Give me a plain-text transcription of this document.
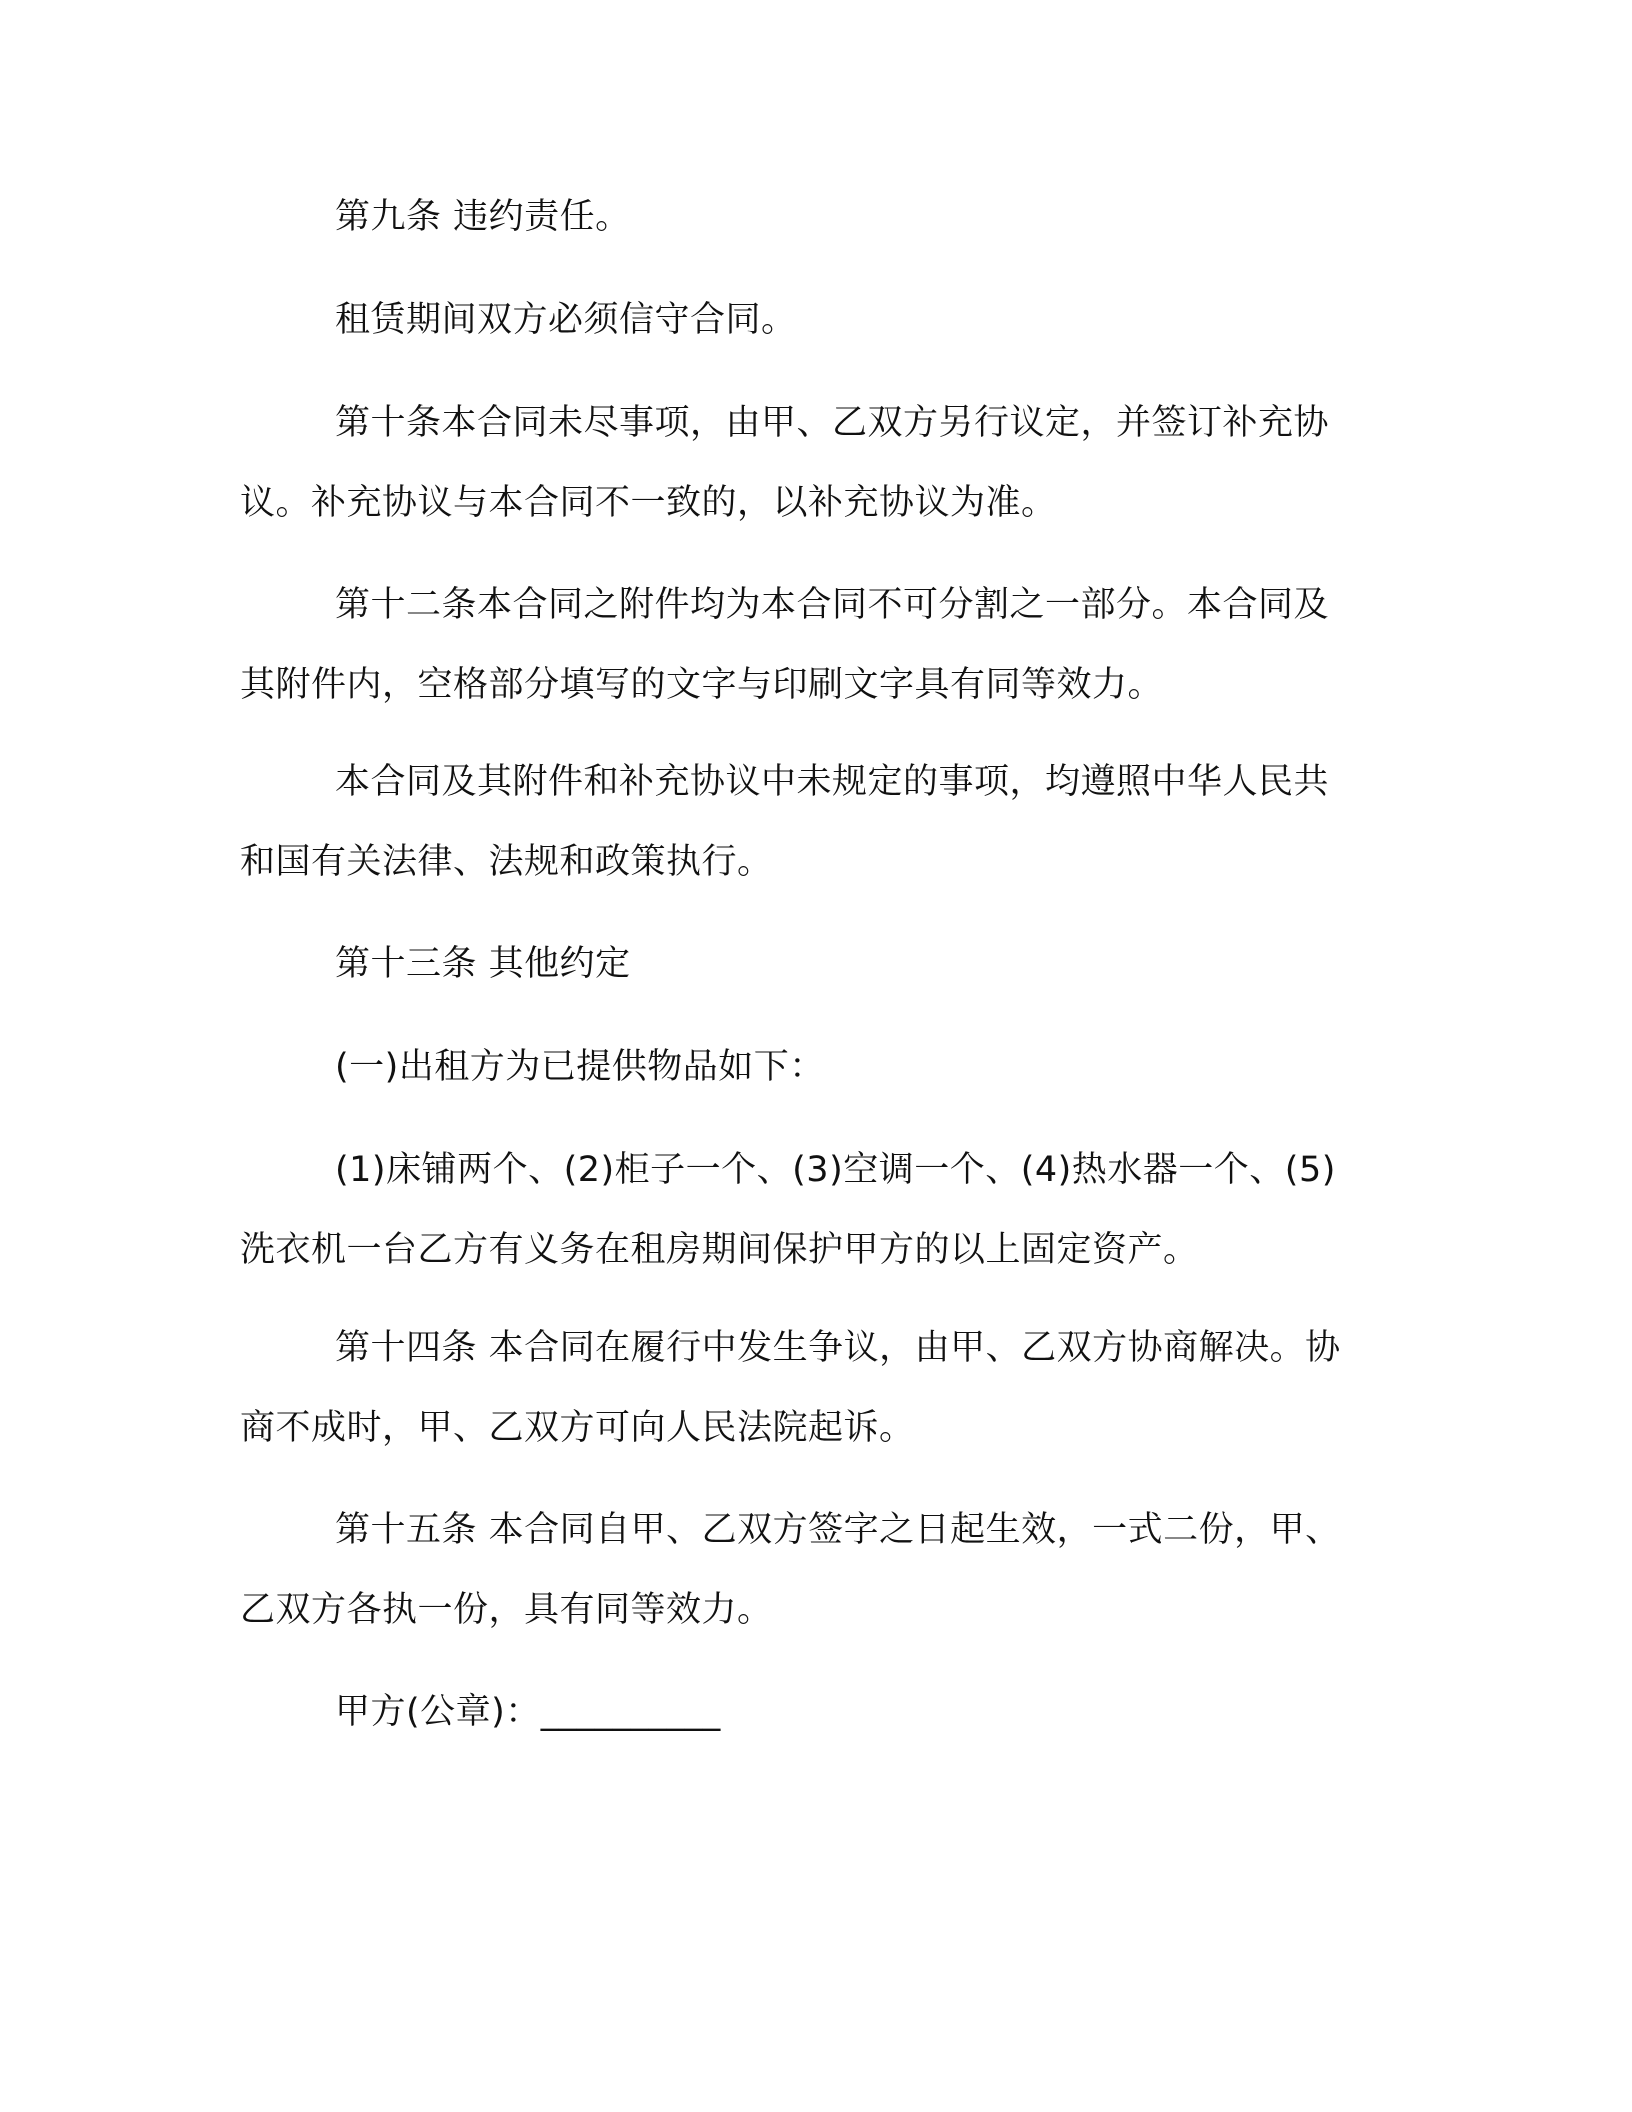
第九条 违约责任。

租赁期间双方必须信守合同。

第十条本合同未尽事项，由甲、乙双方另行议定，并签订补充协
议。补充协议与本合同不一致的，以补充协议为准。

第十二条本合同之附件均为本合同不可分割之一部分。本合同及
其附件内，空格部分填写的文字与印刷文字具有同等效力。

本合同及其附件和补充协议中未规定的事项，均遵照中华人民共
和国有关法律、法规和政策执行。

第十三条 其他约定

(一)出租方为已提供物品如下：

(1)床铺两个、(2)柜子一个、(3)空调一个、(4)热水器一个、(5)
洗衣机一台乙方有义务在租房期间保护甲方的以上固定资产。

第十四条 本合同在履行中发生争议，由甲、乙双方协商解决。协
商不成时，甲、乙双方可向人民法院起诉。

第十五条 本合同自甲、乙双方签字之日起生效，一式二份，甲、
乙双方各执一份，具有同等效力。

甲方(公章)：__________
